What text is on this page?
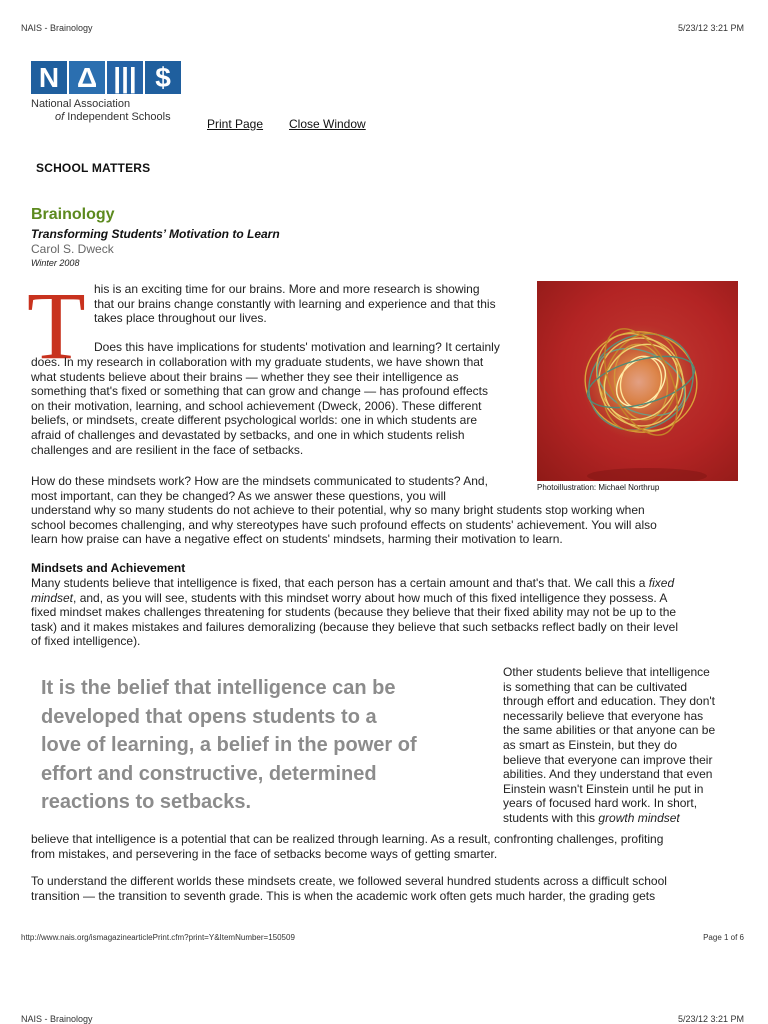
NAIS - Brainology	5/23/12 3:21 PM
N Δ ||| $
National Association
of Independent Schools	Print Page Close Window
SCHOOL MATTERS
Brainology
Transforming Students’ Motivation to Learn
Carol S. Dweck
Winter 2008
T his is an exciting time for our brains. More and more research is showing

that our brains change constantly with learning and experience and that this

takes place throughout our lives.

Does this have implications for students' motivation and learning? It certainly

does. In my research in collaboration with my graduate students, we have shown that

what students believe about their brains — whether they see their intelligence as

something that's fixed or something that can grow and change — has profound effects

on their motivation, learning, and school achievement (Dweck, 2006). These different

beliefs, or mindsets, create different psychological worlds: one in which students are

afraid of challenges and devastated by setbacks, and one in which students relish

challenges and are resilient in the face of setbacks.

Photoillustration: Michael Northrup

How do these mindsets work? How are the mindsets communicated to students? And,

most important, can they be changed? As we answer these questions, you will

understand why so many students do not achieve to their potential, why so many bright students stop working when

school becomes challenging, and why stereotypes have such profound effects on students' achievement. You will also

learn how praise can have a negative effect on students' mindsets, harming their motivation to learn.

Mindsets and Achievement

Many students believe that intelligence is fixed, that each person has a certain amount and that's that. We call this a fixed

mindset, and, as you will see, students with this mindset worry about how much of this fixed intelligence they possess. A

fixed mindset makes challenges threatening for students (because they believe that their fixed ability may not be up to the

task) and it makes mistakes and failures demoralizing (because they believe that such setbacks reflect badly on their level

of fixed intelligence).

It is the belief that intelligence can be
developed that opens students to a
love of learning, a belief in the power of
effort and constructive, determined
reactions to setbacks.

Other students believe that intelligence

is something that can be cultivated

through effort and education. They don't

necessarily believe that everyone has

the same abilities or that anyone can be

as smart as Einstein, but they do

believe that everyone can improve their

abilities. And they understand that even

Einstein wasn't Einstein until he put in

years of focused hard work. In short,

students with this growth mindset

believe that intelligence is a potential that can be realized through learning. As a result, confronting challenges, profiting

from mistakes, and persevering in the face of setbacks become ways of getting smarter.

To understand the different worlds these mindsets create, we followed several hundred students across a difficult school

transition — the transition to seventh grade. This is when the academic work often gets much harder, the grading gets

http://www.nais.org/ismagazinearticlePrint.cfm?print=Y&ItemNumber=150509	Page 1 of 6
NAIS - Brainology	5/23/12 3:21 PM
